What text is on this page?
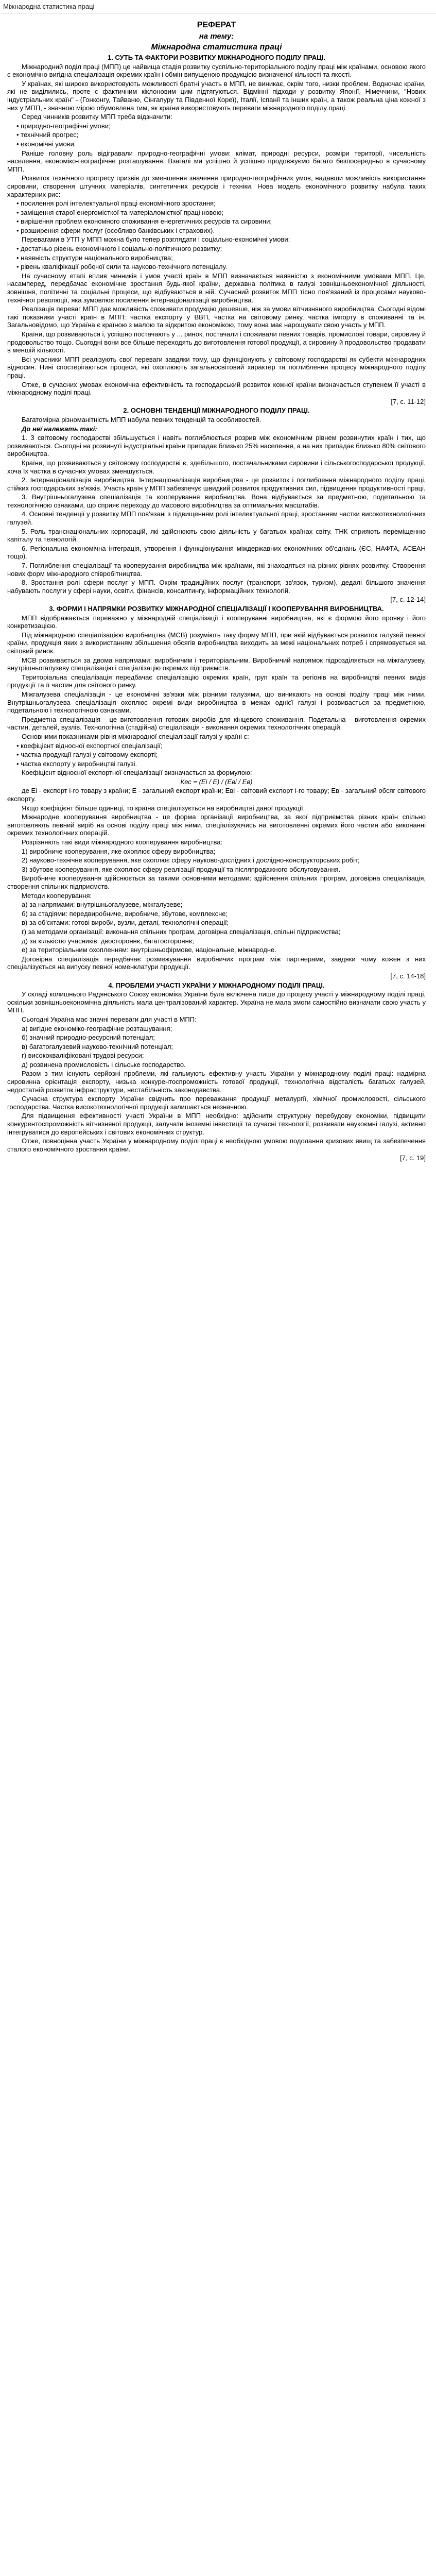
Міжнародна статистика праці

РЕФЕРАТ

на тему:

Міжнародна статистика праці

1. СУТЬ ТА ФАКТОРИ РОЗВИТКУ МІЖНАРОДНОГО ПОДІЛУ ПРАЦІ.

Міжнародний поділ праці (МПП) це найвища стадія розвитку суспільно-територіального поділу праці між країнами, основою якого є економічно вигідна спеціалізація окремих країн і обмін випущеною продукцією визначеної кількості та якості.

У країнах, які широко використовують можливості братні участь в МПП, не виникає, окрім того, низки проблем. Водночас країни, які не виділились, проте є фактичним кіклоновим цим підтягуються. Відмінні підходи у розвитку Японії, Німеччини, "Нових індустріальних країн" - (Гонконгу, Тайваню, Сінгапуру та Південної Кореї), Італії, Іспанії та інших країн, а також реальна ціна кожної з них у МПП, - значною мірою обумовлена тим, як країни використовують переваги міжнародного поділу праці.

Серед чинників розвитку МПП треба відзначити:

• природно-географічні умови;

• технічний прогрес;

• економічні умови.

Раніше головну роль відігравали природно-географічні умови: клімат, природні ресурси, розміри території, чисельність населення, економіко-географічне розташування. Взагалі ми успішно й успішно продовжуємо багато безпосередньо в сучасному МПП.

Розвиток технічного прогресу призвів до зменшення значення природно-географічних умов, надавши можливість використання сировини, створення штучних матеріалів, синтетичних ресурсів і техніки. Нова модель економічного розвитку набула таких характерних рис:

• посилення ролі інтелектуальної праці економічного зростання;

• заміщення старої енергомісткої та матеріаломісткої праці новою;

• вирішення проблем економного споживання енергетичних ресурсів та сировини;

• розширення сфери послуг (особливо банківських і страхових).

Перевагами в УТП у МПП можна було тепер розглядати і соціально-економічні умови:

• достатньо рівень економічного і соціально-політичного розвитку;

• наявність структури національного виробництва;

• рівень кваліфікації робочої сили та науково-технічного потенціалу.

На сучасному етапі вплив чинників і умов участі країн в МПП визначається наявністю з економічними умовами МПП. Це, насамперед, передбачає економічне зростання будь-якої країни, державна політика в галузі зовнішньоекономічної діяльності, зовнішня, політичні та соціальні процеси, що відбуваються в ній. Сучасний розвиток МПП тісно пов'язаний із процесами науково-технічної революції, яка зумовлює посилення інтернаціоналізації виробництва.

Реалізація переваг МПП дає можливість споживати продукцію дешевше, ніж за умови вітчизняного виробництва. Сьогодні відомі такі показники участі країн в МПП: частка експорту у ВВП, частка на світовому ринку, частка імпорту в споживанні та ін. Загальновідомо, що Україна є країною з малою та відкритою економікою, тому вона має нарощувати свою участь у МПП.

Країни, що розвиваються і, успішно постачають у ... ринок, постачали і споживали певних товарів, промислові товари, сировину й продовольство тощо. Сьогодні вони все більше переходять до виготовлення готової продукції, а сировину й продовольство продавати в меншій кількості.

Всі учасники МПП реалізують свої переваги завдяки тому, що функціонують у світовому господарстві як субекти міжнародних відносин. Нині спостерігаються процеси, які охоплюють загальносвітовий характер та поглиблення процесу міжнародного поділу праці.

Отже, в сучасних умовах економічна ефективність та господарський розвиток кожної країни визначається ступенем її участі в міжнародному поділі праці.

[7, с. 11-12]

2. ОСНОВНІ ТЕНДЕНЦІЇ МІЖНАРОДНОГО ПОДІЛУ ПРАЦІ.

Багатомірна різноманітність МПП набула певних тенденцій та особливостей.

До неї належать такі:

1. З світовому господарстві збільшується і навіть поглиблюється розрив між економічним рівнем розвинутих країн і тих, що розвиваються. Сьогодні на розвинуті індустріальні країни припадає близько 25% населення, а на них припадає близько 80% світового виробництва.

Країни, що розвиваються у світовому господарстві є, здебільшого, постачальниками сировини і сільськогосподарської продукції, хоча їх частка в сучасних умовах зменшується.

2. Інтернаціоналізація виробництва. Інтернаціоналізація виробництва - це розвиток і поглиблення міжнародного поділу праці, стійких господарських зв'язків. Участь країн у МПП забезпечує швидкий розвиток продуктивних сил, підвищення продуктивності праці.

3. Внутрішньогалузева спеціалізація та кооперування виробництва. Вона відбувається за предметною, подетальною та технологічною ознаками, що сприяє переходу до масового виробництва за оптимальних масштабів.

4. Основні тенденції у розвитку МПП пов'язані з підвищенням ролі інтелектуальної праці, зростанням частки високотехнологічних галузей.

5. Роль транснаціональних корпорацій, які здійснюють свою діяльність у багатьох країнах світу. ТНК сприяють переміщенню капіталу та технологій.

6. Регіональна економічна інтеграція, утворення і функціонування міждержавних економічних об'єднань (ЄС, НАФТА, АСЕАН тощо).

7. Поглиблення спеціалізації та кооперування виробництва між країнами, які знаходяться на різних рівнях розвитку. Створення нових форм міжнародного співробітництва.

8. Зростання ролі сфери послуг у МПП. Окрім традиційних послуг (транспорт, зв'язок, туризм), дедалі більшого значення набувають послуги у сфері науки, освіти, фінансів, консалтингу, інформаційних технологій.

[7, с. 12-14]

3. ФОРМИ І НАПРЯМКИ РОЗВИТКУ МІЖНАРОДНОЇ СПЕЦІАЛІЗАЦІЇ І КООПЕРУВАННЯ ВИРОБНИЦТВА.

МПП відображається переважно у міжнародній спеціалізації і кооперуванні виробництва, які є формою його прояву і його конкретизацією.

Під міжнародною спеціалізацією виробництва (МСВ) розуміють таку форму МПП, при якій відбувається розвиток галузей певної країни, продукція яких з використанням збільшення обсягів виробництва виходить за межі національних потреб і спрямовується на світовий ринок.

МСВ розвивається за двома напрямами: виробничим і територіальним. Виробничий напрямок підрозділяється на міжгалузеву, внутрішньогалузеву спеціалізацію і спеціалізацію окремих підприємств.

Територіальна спеціалізація передбачає спеціалізацію окремих країн, груп країн та регіонів на виробництві певних видів продукції та її частин для світового ринку.

Міжгалузева спеціалізація - це економічні зв'язки між різними галузями, що виникають на основі поділу праці між ними. Внутрішньогалузева спеціалізація охоплює окремі види виробництва в межах однієї галузі і розвивається за предметною, подетальною і технологічною ознаками.

Предметна спеціалізація - це виготовлення готових виробів для кінцевого споживання. Подетальна - виготовлення окремих частин, деталей, вузлів. Технологічна (стадійна) спеціалізація - виконання окремих технологічних операцій.

Основними показниками рівня міжнародної спеціалізації галузі у країні є:

• коефіцієнт відносної експортної спеціалізації;

• частка продукції галузі у світовому експорті;

• частка експорту у виробництві галузі.

Коефіцієнт відносної експортної спеціалізації визначається за формулою:

Кес = (Еі / Е) / (Еві / Ев)

де Еі - експорт і-го товару з країни; Е - загальний експорт країни; Еві - світовий експорт і-го товару; Ев - загальний обсяг світового експорту.

Якщо коефіцієнт більше одиниці, то країна спеціалізується на виробництві даної продукції.

Міжнародне кооперування виробництва - це форма організації виробництва, за якої підприємства різних країн спільно виготовляють певний виріб на основі поділу праці між ними, спеціалізуючись на виготовленні окремих його частин або виконанні окремих технологічних операцій.

Розрізняють такі види міжнародного кооперування виробництва:

1) виробниче кооперування, яке охоплює сферу виробництва;

2) науково-технічне кооперування, яке охоплює сферу науково-дослідних і дослідно-конструкторських робіт;

3) збутове кооперування, яке охоплює сферу реалізації продукції та післяпродажного обслуговування.

Виробниче кооперування здійснюється за такими основними методами: здійснення спільних програм, договірна спеціалізація, створення спільних підприємств.

Методи кооперування:

а) за напрямами: внутрішньогалузеве, міжгалузеве;

б) за стадіями: передвиробниче, виробниче, збутове, комплексне;

в) за об'єктами: готові вироби, вузли, деталі, технологічні операції;

г) за методами організації: виконання спільних програм, договірна спеціалізація, спільні підприємства;

д) за кількістю учасників: двостороннє, багатостороннє;

е) за територіальним охопленням: внутрішньофірмове, національне, міжнародне.

Договірна спеціалізація передбачає розмежування виробничих програм між партнерами, завдяки чому кожен з них спеціалізується на випуску певної номенклатури продукції.

[7, с. 14-18]

4. ПРОБЛЕМИ УЧАСТІ УКРАЇНИ У МІЖНАРОДНОМУ ПОДІЛІ ПРАЦІ.

У складі колишнього Радянського Союзу економіка України була включена лише до процесу участі у міжнародному поділі праці, оскільки зовнішньоекономічна діяльність мала централізований характер. Україна не мала змоги самостійно визначати свою участь у МПП.

Сьогодні Україна має значні переваги для участі в МПП:

а) вигідне економіко-географічне розташування;

б) значний природно-ресурсний потенціал;

в) багатогалузевий науково-технічний потенціал;

г) висококваліфіковані трудові ресурси;

д) розвинена промисловість і сільське господарство.

Разом з тим існують серйозні проблеми, які гальмують ефективну участь України у міжнародному поділі праці: надмірна сировинна орієнтація експорту, низька конкурентоспроможність готової продукції, технологічна відсталість багатьох галузей, недостатній розвиток інфраструктури, нестабільність законодавства.

Сучасна структура експорту України свідчить про переважання продукції металургії, хімічної промисловості, сільського господарства. Частка високотехнологічної продукції залишається незначною.

Для підвищення ефективності участі України в МПП необхідно: здійснити структурну перебудову економіки, підвищити конкурентоспроможність вітчизняної продукції, залучати іноземні інвестиції та сучасні технології, розвивати наукоємні галузі, активно інтегруватися до європейських і світових економічних структур.

Отже, повноцінна участь України у міжнародному поділі праці є необхідною умовою подолання кризових явищ та забезпечення сталого економічного зростання країни.

[7, с. 19]
